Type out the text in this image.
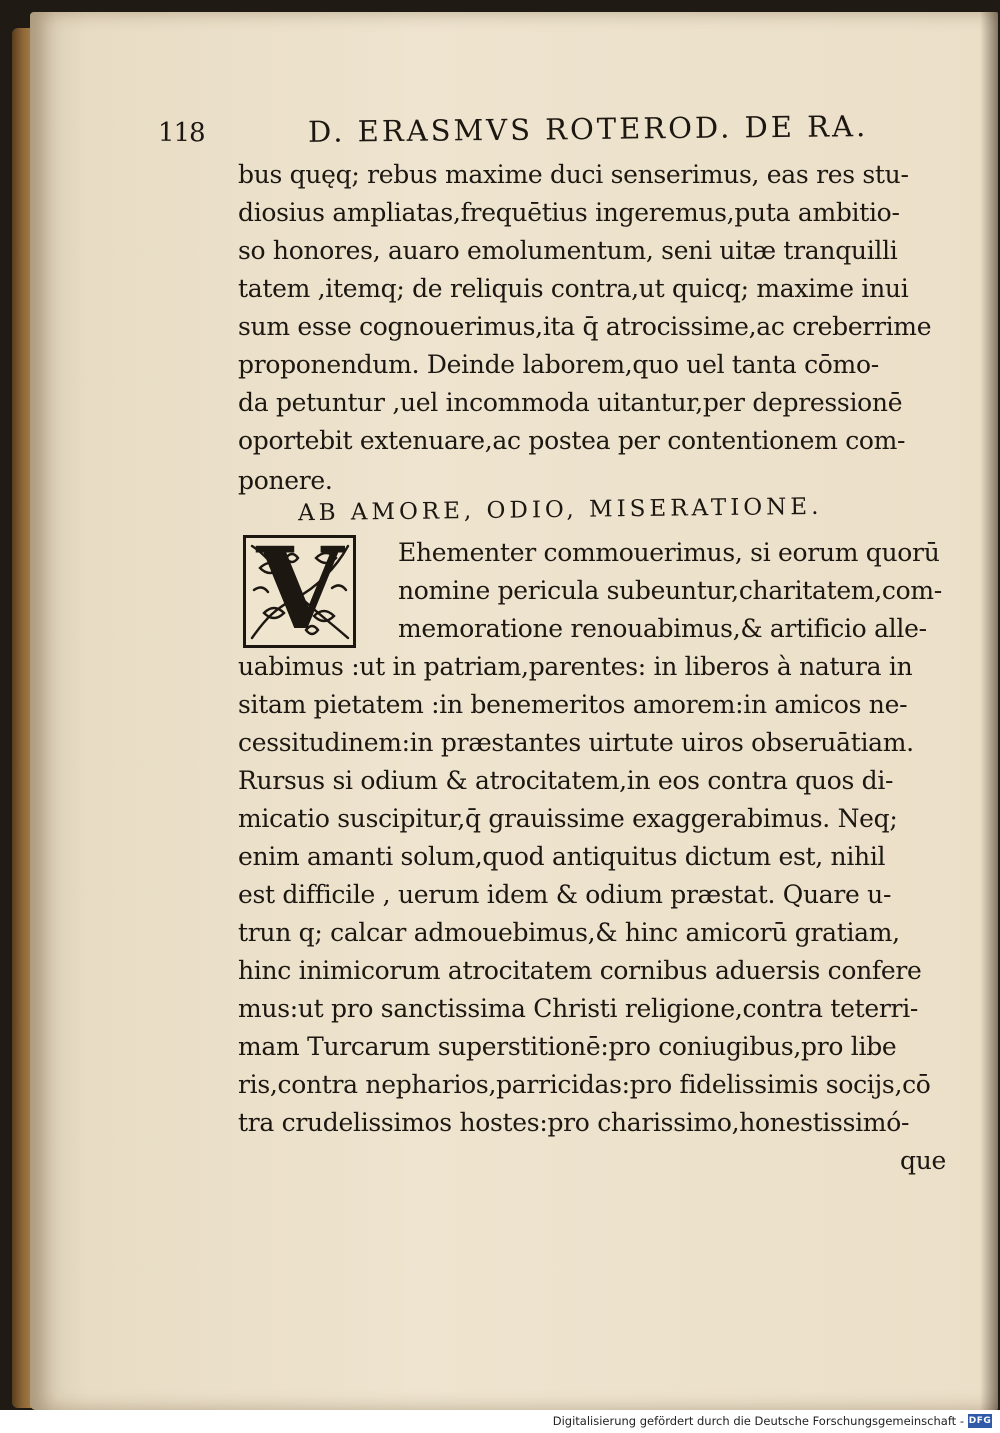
118	D. ERASMVS ROTEROD. DE RA.
bus quęq; rebus maxime duci senserimus, eas res stu-
diosius ampliatas,frequētius ingeremus,puta ambitio-
so honores, auaro emolumentum, seni uitæ tranquilli
tatem ,itemq; de reliquis contra,ut quicq; maxime inui
sum esse cognouerimus,ita q̄ atrocissime,ac creberrime
proponendum. Deinde laborem,quo uel tanta cōmo-
da petuntur ,uel incommoda uitantur,per depressionē
oportebit extenuare,ac postea per contentionem com-
ponere.
Ehementer commouerimus, si eorum quorū
nomine pericula subeuntur,charitatem,com-
memoratione renouabimus,& artificio alle-
uabimus :ut in patriam,parentes: in liberos à natura in
sitam pietatem :in benemeritos amorem:in amicos ne-
cessitudinem:in præstantes uirtute uiros obseruātiam.
Rursus si odium & atrocitatem,in eos contra quos di-
micatio suscipitur,q̄ grauissime exaggerabimus. Neq;
enim amanti solum,quod antiquitus dictum est, nihil
est difficile , uerum idem & odium præstat. Quare u-
trun q; calcar admouebimus,& hinc amicorū gratiam,
hinc inimicorum atrocitatem cornibus aduersis confere
mus:ut pro sanctissima Christi religione,contra teterri-
mam Turcarum superstitionē:pro coniugibus,pro libe
ris,contra nepharios,parricidas:pro fidelissimis socijs,cō
tra crudelissimos hostes:pro charissimo,honestissimó-
que
AB AMORE, ODIO, MISERATIONE.
V
Digitalisierung gefördert durch die Deutsche Forschungsgemeinschaft - DFG
